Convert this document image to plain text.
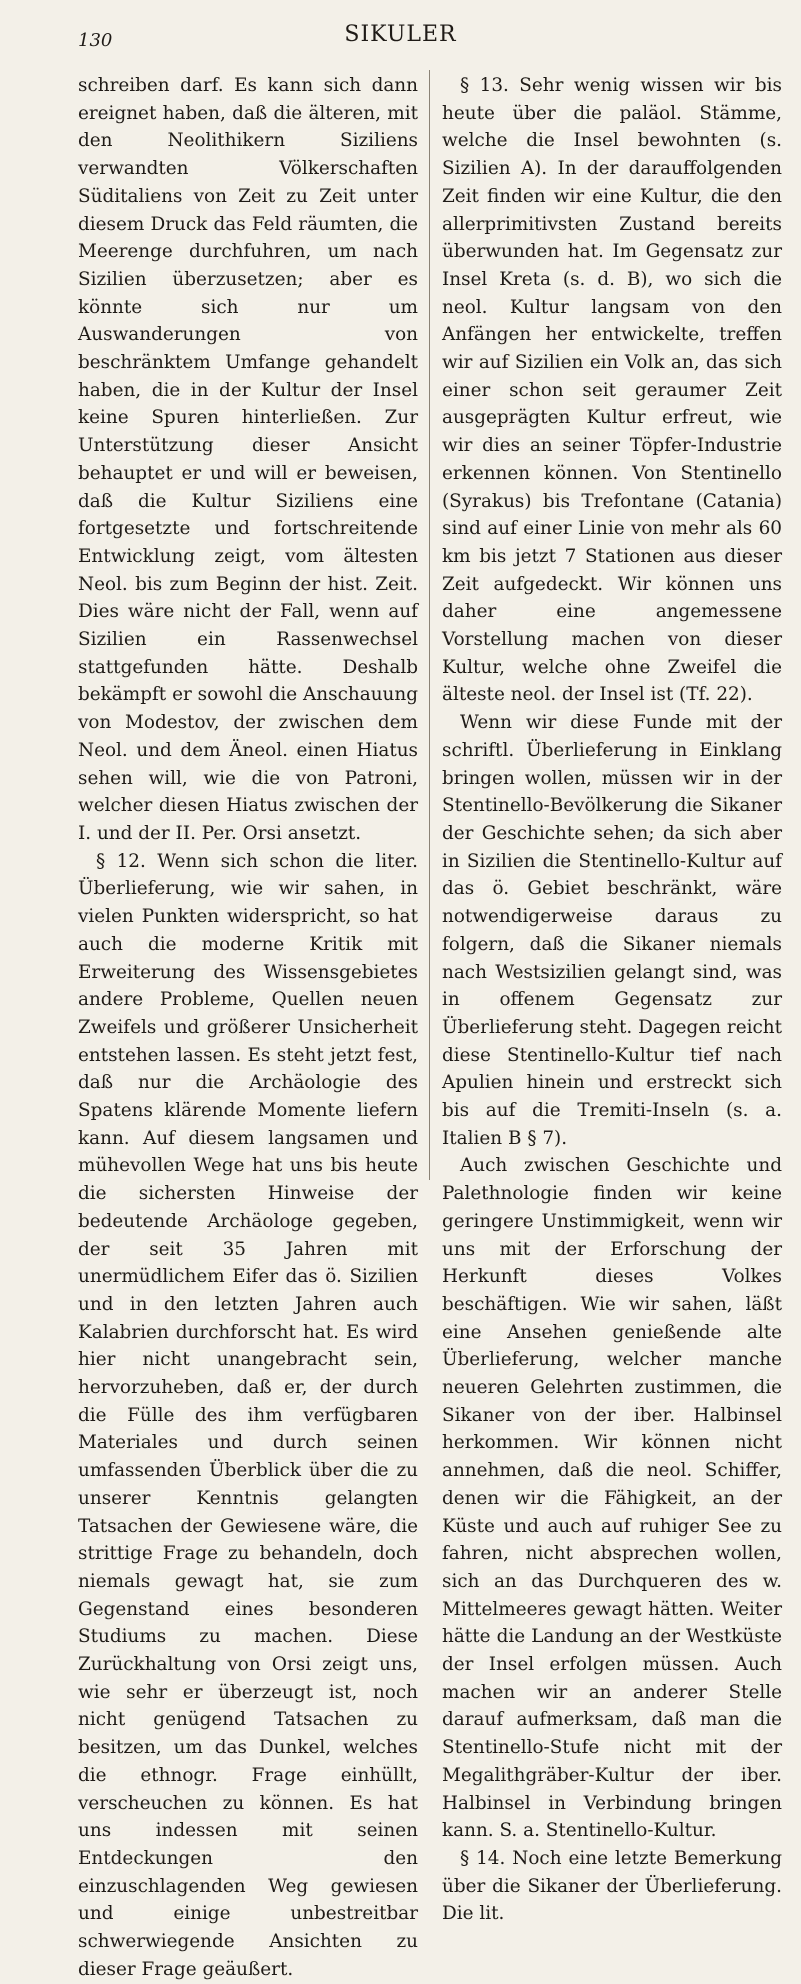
130	SIKULER

schreiben darf. Es kann sich dann ereignet haben, daß die älteren, mit den Neolithikern Siziliens verwandten Völkerschaften Süditaliens von Zeit zu Zeit unter diesem Druck das Feld räumten, die Meerenge durchfuhren, um nach Sizilien überzusetzen; aber es könnte sich nur um Auswanderungen von beschränktem Umfange gehandelt haben, die in der Kultur der Insel keine Spuren hinterließen. Zur Unterstützung dieser Ansicht behauptet er und will er beweisen, daß die Kultur Siziliens eine fortgesetzte und fortschreitende Entwicklung zeigt, vom ältesten Neol. bis zum Beginn der hist. Zeit. Dies wäre nicht der Fall, wenn auf Sizilien ein Rassenwechsel stattgefunden hätte. Deshalb bekämpft er sowohl die Anschauung von Modestov, der zwischen dem Neol. und dem Äneol. einen Hiatus sehen will, wie die von Patroni, welcher diesen Hiatus zwischen der I. und der II. Per. Orsi ansetzt.

§ 12. Wenn sich schon die liter. Überlieferung, wie wir sahen, in vielen Punkten widerspricht, so hat auch die moderne Kritik mit Erweiterung des Wissensgebietes andere Probleme, Quellen neuen Zweifels und größerer Unsicherheit entstehen lassen. Es steht jetzt fest, daß nur die Archäologie des Spatens klärende Momente liefern kann. Auf diesem langsamen und mühevollen Wege hat uns bis heute die sichersten Hinweise der bedeutende Archäologe gegeben, der seit 35 Jahren mit unermüdlichem Eifer das ö. Sizilien und in den letzten Jahren auch Kalabrien durchforscht hat. Es wird hier nicht unangebracht sein, hervorzuheben, daß er, der durch die Fülle des ihm verfügbaren Materiales und durch seinen umfassenden Überblick über die zu unserer Kenntnis gelangten Tatsachen der Gewiesene wäre, die strittige Frage zu behandeln, doch niemals gewagt hat, sie zum Gegenstand eines besonderen Studiums zu machen. Diese Zurückhaltung von Orsi zeigt uns, wie sehr er überzeugt ist, noch nicht genügend Tatsachen zu besitzen, um das Dunkel, welches die ethnogr. Frage einhüllt, verscheuchen zu können. Es hat uns indessen mit seinen Entdeckungen den einzuschlagenden Weg gewiesen und einige unbestreitbar schwerwiegende Ansichten zu dieser Frage geäußert.

§ 13. Sehr wenig wissen wir bis heute über die paläol. Stämme, welche die Insel bewohnten (s. Sizilien A). In der darauffolgenden Zeit finden wir eine Kultur, die den allerprimitivsten Zustand bereits überwunden hat. Im Gegensatz zur Insel Kreta (s. d. B), wo sich die neol. Kultur langsam von den Anfängen her entwickelte, treffen wir auf Sizilien ein Volk an, das sich einer schon seit geraumer Zeit ausgeprägten Kultur erfreut, wie wir dies an seiner Töpfer-Industrie erkennen können. Von Stentinello (Syrakus) bis Trefontane (Catania) sind auf einer Linie von mehr als 60 km bis jetzt 7 Stationen aus dieser Zeit aufgedeckt. Wir können uns daher eine angemessene Vorstellung machen von dieser Kultur, welche ohne Zweifel die älteste neol. der Insel ist (Tf. 22).

Wenn wir diese Funde mit der schriftl. Überlieferung in Einklang bringen wollen, müssen wir in der Stentinello-Bevölkerung die Sikaner der Geschichte sehen; da sich aber in Sizilien die Stentinello-Kultur auf das ö. Gebiet beschränkt, wäre notwendigerweise daraus zu folgern, daß die Sikaner niemals nach Westsizilien gelangt sind, was in offenem Gegensatz zur Überlieferung steht. Dagegen reicht diese Stentinello-Kultur tief nach Apulien hinein und erstreckt sich bis auf die Tremiti-Inseln (s. a. Italien B § 7).

Auch zwischen Geschichte und Palethnologie finden wir keine geringere Unstimmigkeit, wenn wir uns mit der Erforschung der Herkunft dieses Volkes beschäftigen. Wie wir sahen, läßt eine Ansehen genießende alte Überlieferung, welcher manche neueren Gelehrten zustimmen, die Sikaner von der iber. Halbinsel herkommen. Wir können nicht annehmen, daß die neol. Schiffer, denen wir die Fähigkeit, an der Küste und auch auf ruhiger See zu fahren, nicht absprechen wollen, sich an das Durchqueren des w. Mittelmeeres gewagt hätten. Weiter hätte die Landung an der Westküste der Insel erfolgen müssen. Auch machen wir an anderer Stelle darauf aufmerksam, daß man die Stentinello-Stufe nicht mit der Megalithgräber-Kultur der iber. Halbinsel in Verbindung bringen kann. S. a. Stentinello-Kultur.

§ 14. Noch eine letzte Bemerkung über die Sikaner der Überlieferung. Die lit.
